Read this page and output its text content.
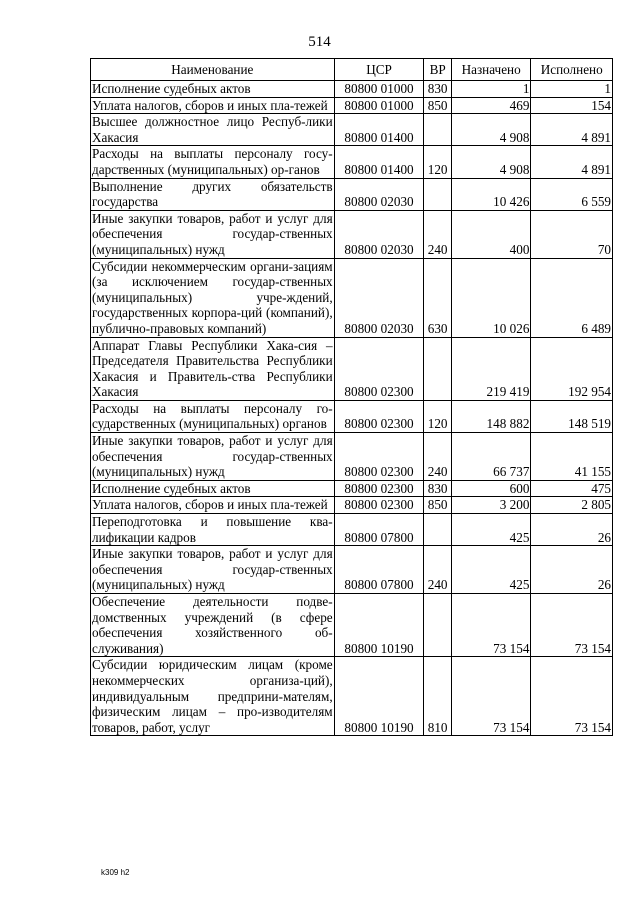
514
Наименование	ЦСР	ВР	Назначено	Исполнено
Исполнение судебных актов	80800 01000	830	1	1
Уплата налогов, сборов и иных пла-тежей	80800 01000	850	469	154
Высшее должностное лицо Респуб-лики Хакасия	80800 01400		4 908	4 891
Расходы на выплаты персоналу госу-дарственных (муниципальных) ор-ганов	80800 01400	120	4 908	4 891
Выполнение других обязательств государства	80800 02030		10 426	6 559
Иные закупки товаров, работ и услуг для обеспечения государ-ственных (муниципальных) нужд	80800 02030	240	400	70
Субсидии некоммерческим органи-зациям (за исключением государ-ственных (муниципальных) учре-ждений, государственных корпора-ций (компаний), публично-правовых компаний)	80800 02030	630	10 026	6 489
Аппарат Главы Республики Хака-сия – Председателя Правительства Республики Хакасия и Правитель-ства Республики Хакасия	80800 02300		219 419	192 954
Расходы на выплаты персоналу го-сударственных (муниципальных) органов	80800 02300	120	148 882	148 519
Иные закупки товаров, работ и услуг для обеспечения государ-ственных (муниципальных) нужд	80800 02300	240	66 737	41 155
Исполнение судебных актов	80800 02300	830	600	475
Уплата налогов, сборов и иных пла-тежей	80800 02300	850	3 200	2 805
Переподготовка и повышение ква-лификации кадров	80800 07800		425	26
Иные закупки товаров, работ и услуг для обеспечения государ-ственных (муниципальных) нужд	80800 07800	240	425	26
Обеспечение деятельности подве-домственных учреждений (в сфере обеспечения хозяйственного об-служивания)	80800 10190		73 154	73 154
Субсидии юридическим лицам (кроме некоммерческих организа-ций), индивидуальным предприни-мателям, физическим лицам – про-изводителям товаров, работ, услуг	80800 10190	810	73 154	73 154
k309 h2
